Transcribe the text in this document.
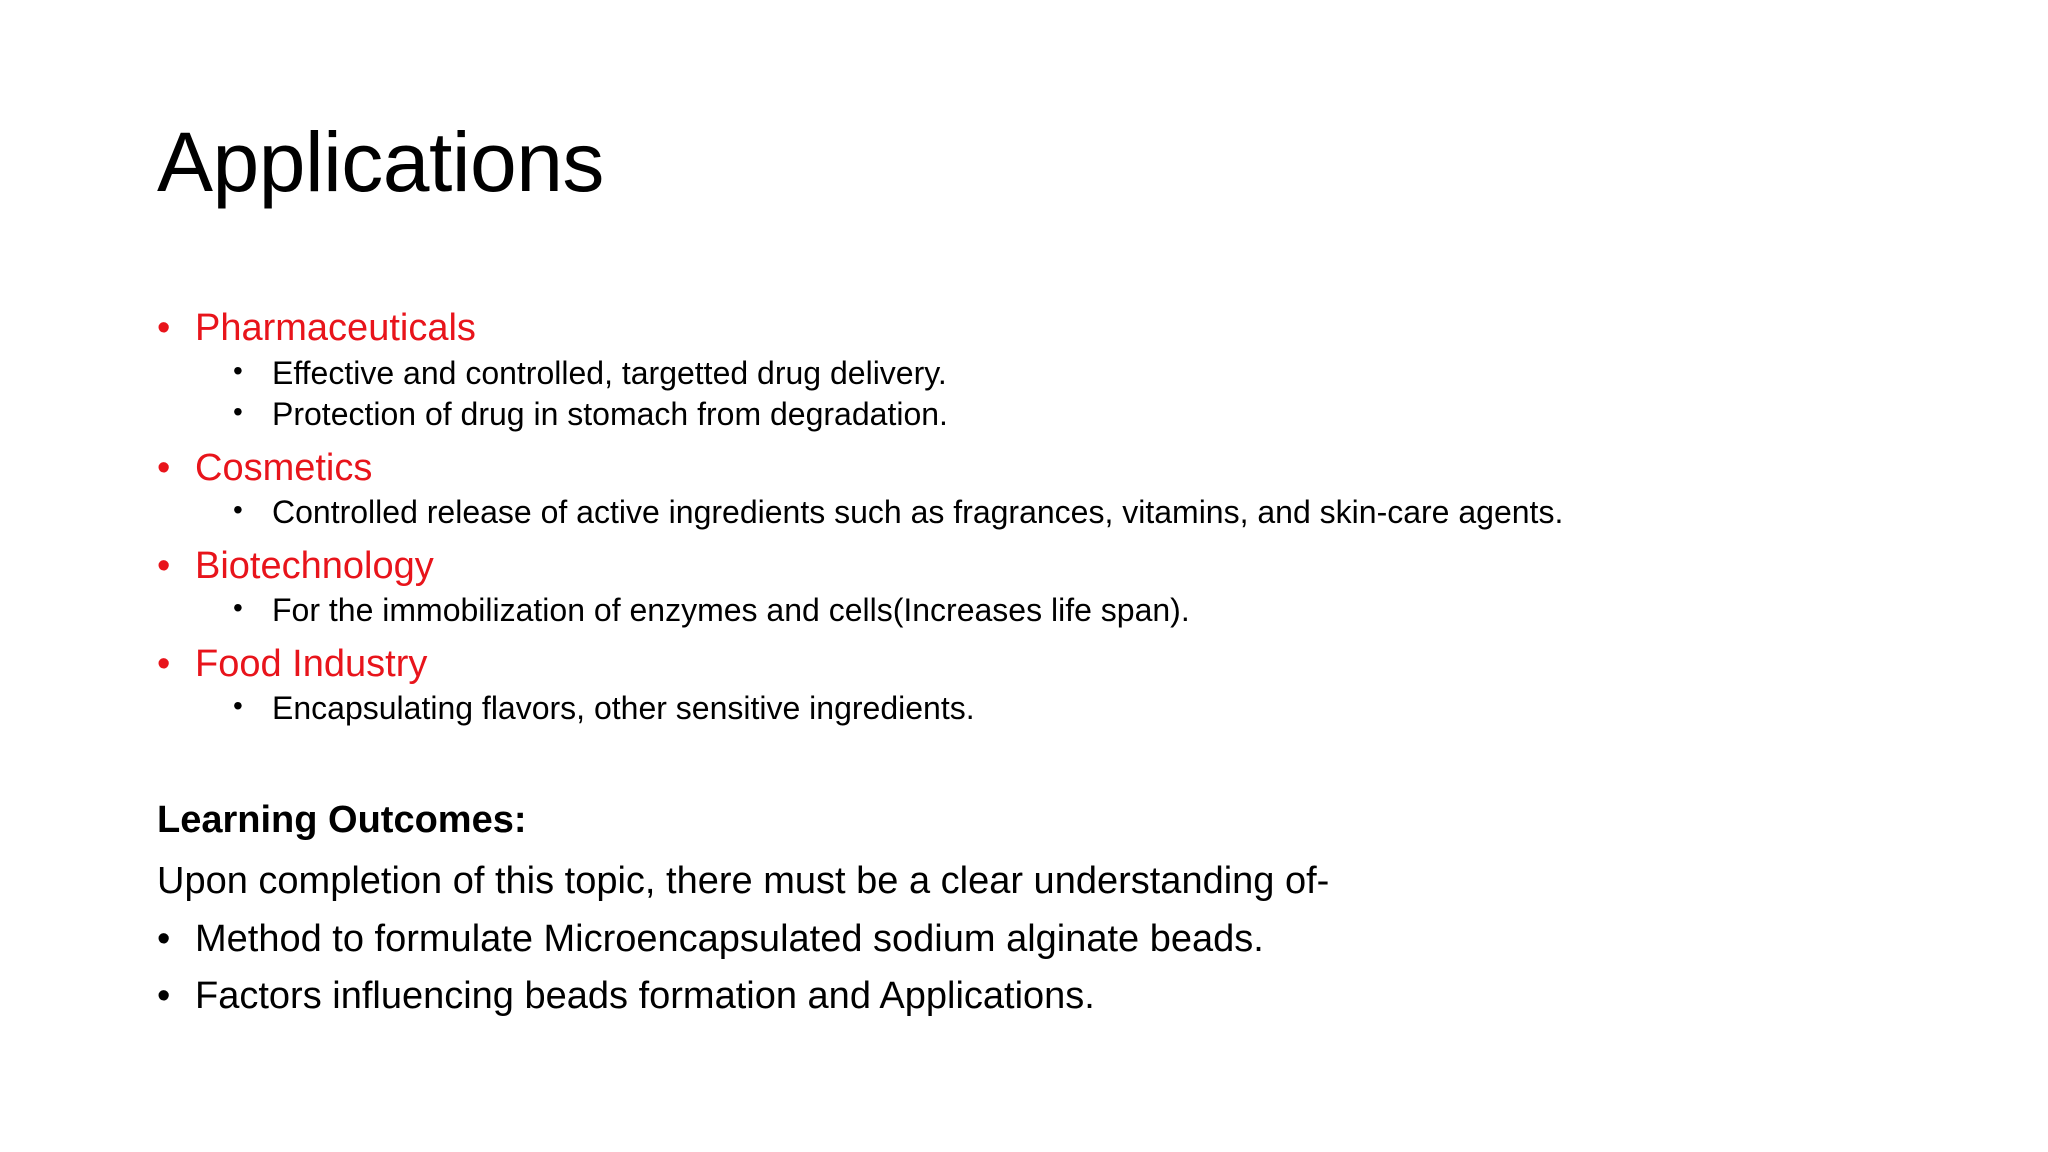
Applications
• Pharmaceuticals
• Effective and controlled, targetted drug delivery.
• Protection of drug in stomach from degradation.
• Cosmetics
• Controlled release of active ingredients such as fragrances, vitamins, and skin-care agents.
• Biotechnology
• For the immobilization of enzymes and cells(Increases life span).
• Food Industry
• Encapsulating flavors, other sensitive ingredients.
Learning Outcomes:
Upon completion of this topic, there must be a clear understanding of-
• Method to formulate Microencapsulated sodium alginate beads.
• Factors influencing beads formation and Applications.
